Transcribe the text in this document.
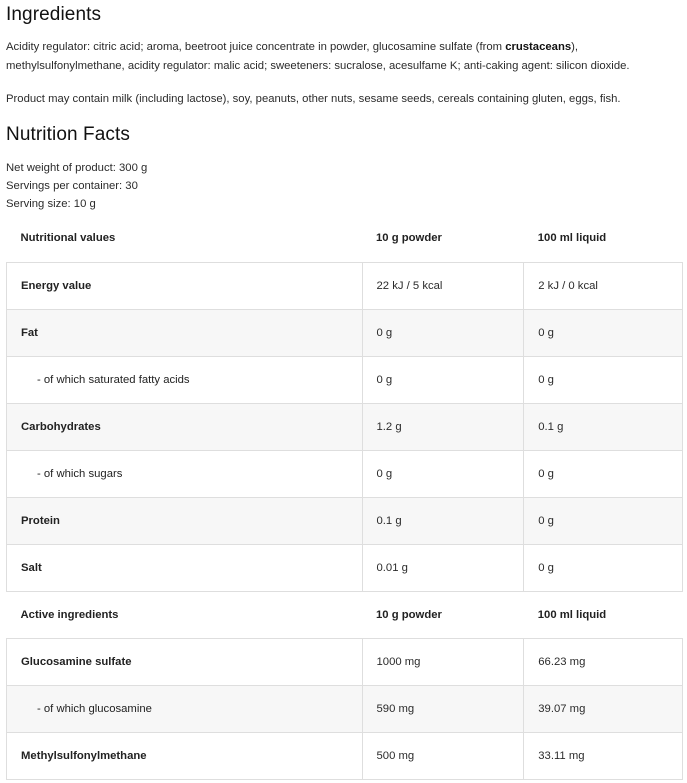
Ingredients

Acidity regulator: citric acid; aroma, beetroot juice concentrate in powder, glucosamine sulfate (from crustaceans), methylsulfonylmethane, acidity regulator: malic acid; sweeteners: sucralose, acesulfame K; anti-caking agent: silicon dioxide.

Product may contain milk (including lactose), soy, peanuts, other nuts, sesame seeds, cereals containing gluten, eggs, fish.

Nutrition Facts
Net weight of product: 300 g
Servings per container: 30
Serving size: 10 g
Nutritional values	10 g powder	100 ml liquid
Energy value	22 kJ / 5 kcal	2 kJ / 0 kcal
Fat	0 g	0 g
- of which saturated fatty acids	0 g	0 g
Carbohydrates	1.2 g	0.1 g
- of which sugars	0 g	0 g
Protein	0.1 g	0 g
Salt	0.01 g	0 g
Active ingredients	10 g powder	100 ml liquid
Glucosamine sulfate	1000 mg	66.23 mg
- of which glucosamine	590 mg	39.07 mg
Methylsulfonylmethane	500 mg	33.11 mg
